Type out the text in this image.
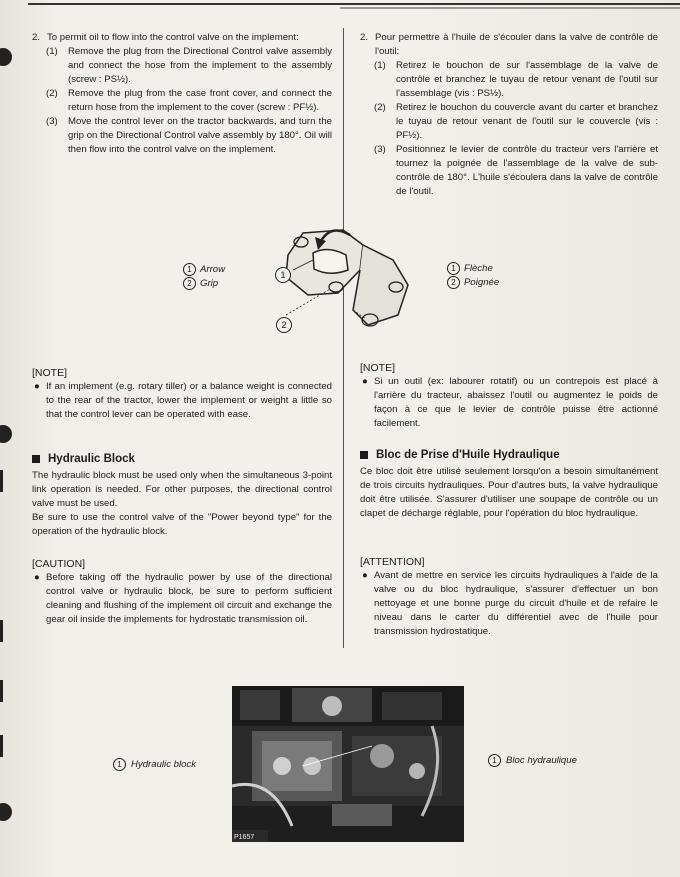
2. To permit oil to flow into the control valve on the implement:
(1)	Remove the plug from the Directional Control valve assembly and connect the hose from the implement to the assembly (screw : PS½).
(2)	Remove the plug from the case front cover, and connect the return hose from the implement to the cover (screw : PF½).
(3)	Move the control lever on the tractor backwards, and turn the grip on the Directional Control valve assembly by 180°. Oil will then flow into the control valve on the implement.
2. Pour permettre à l'huile de s'écouler dans la valve de contrôle de l'outil:
(1)	Retirez le bouchon de sur l'assemblage de la valve de contrôle et branchez le tuyau de retour venant de l'outil sur l'assemblage (vis : PS½).
(2)	Retirez le bouchon du couvercle avant du carter et branchez le tuyau de retour venant de l'outil sur le couvercle (vis : PF½).
(3)	Positionnez le levier de contrôle du tracteur vers l'arrière et tournez la poignée de l'assemblage de la valve de sub-contrôle de 180°. L'huile s'écoulera dans la valve de contrôle de l'outil.
1
2
1 Arrow
2 Grip
1 Flèche
2 Poignée
[NOTE]
● If an implement (e.g. rotary tiller) or a balance weight is connected to the rear of the tractor, lower the implement or weight a little so that the control lever can be operated with ease.
[NOTE]
● Si un outil (ex: labourer rotatif) ou un contrepois est placé à l'arrière du tracteur, abaissez l'outil ou augmentez le poids de façon à ce que le levier de contrôle puisse être actionné facilement.
Hydraulic Block
The hydraulic block must be used only when the simultaneous 3-point link operation is needed. For other purposes, the directional control valve must be used.
Be sure to use the control valve of the "Power beyond type" for the operation of the hydraulic block.
Bloc de Prise d'Huile Hydraulique
Ce bloc doit être utilisé seulement lorsqu'on a besoin simultanément de trois circuits hydrauliques. Pour d'autres buts, la valve hydraulique doit être utilisée. S'assurer d'utiliser une soupape de contrôle ou un clapet de décharge réglable, pour l'opération du bloc hydraulique.
[CAUTION]
● Before taking off the hydraulic power by use of the directional control valve or hydraulic block, be sure to perform sufficient cleaning and flushing of the implement oil circuit and exchange the gear oil inside the implements for hydrostatic transmission oil.
[ATTENTION]
● Avant de mettre en service les circuits hydrauliques à l'aide de la valve ou du bloc hydraulique, s'assurer d'effectuer un bon nettoyage et une bonne purge du circuit d'huile et de refaire le niveau dans le carter du différentiel avec de l'huile pour transmission hydrostatique.
P1657
1 Hydraulic block	1 Bloc hydraulique
